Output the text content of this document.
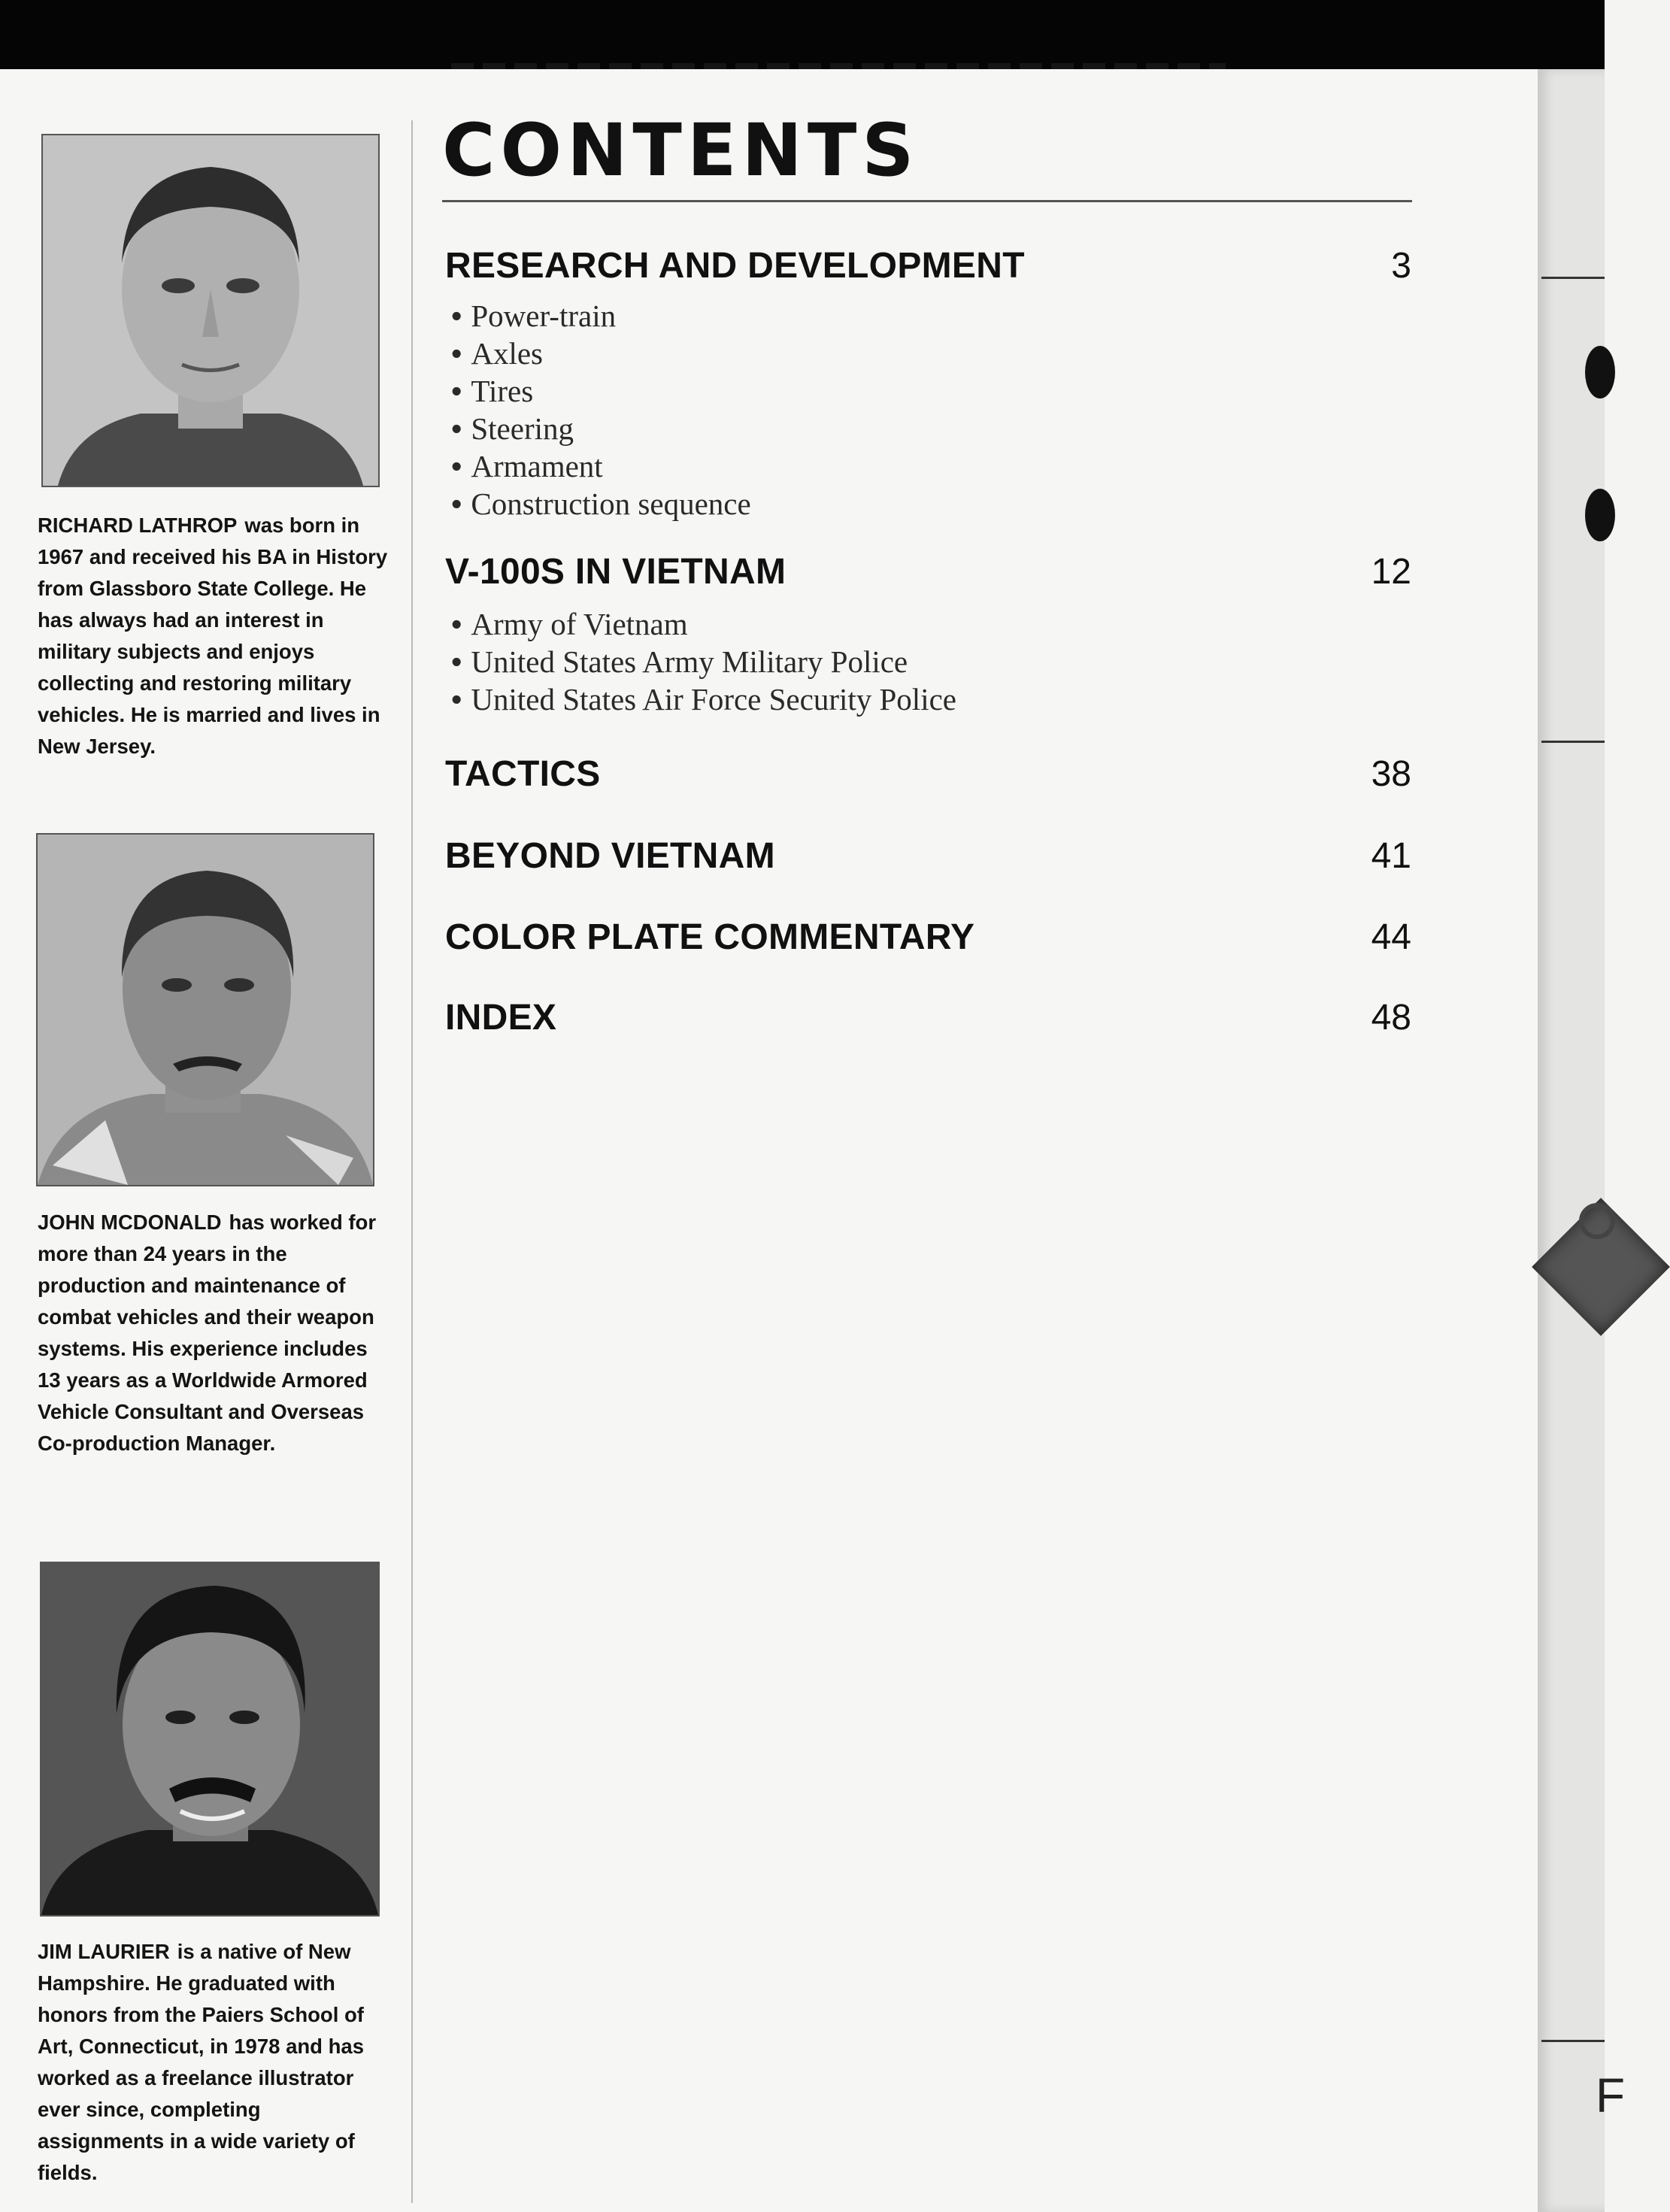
F
RICHARD LATHROP was born in 1967 and received his BA in History from Glassboro State College. He has always had an interest in military subjects and enjoys collecting and restoring military vehicles. He is married and lives in New Jersey.
JOHN MCDONALD has worked for more than 24 years in the production and maintenance of combat vehicles and their weapon systems. His experience includes 13 years as a Worldwide Armored Vehicle Consultant and Overseas Co-production Manager.
JIM LAURIER is a native of New Hampshire. He graduated with honors from the Paiers School of Art, Connecticut, in 1978 and has worked as a freelance illustrator ever since, completing assignments in a wide variety of fields.
CONTENTS
RESEARCH AND DEVELOPMENT	3
• Power-train
• Axles
• Tires
• Steering
• Armament
• Construction sequence
V-100S IN VIETNAM	12
• Army of Vietnam
• United States Army Military Police
• United States Air Force Security Police
TACTICS	38
BEYOND VIETNAM	41
COLOR PLATE COMMENTARY	44
INDEX	48
